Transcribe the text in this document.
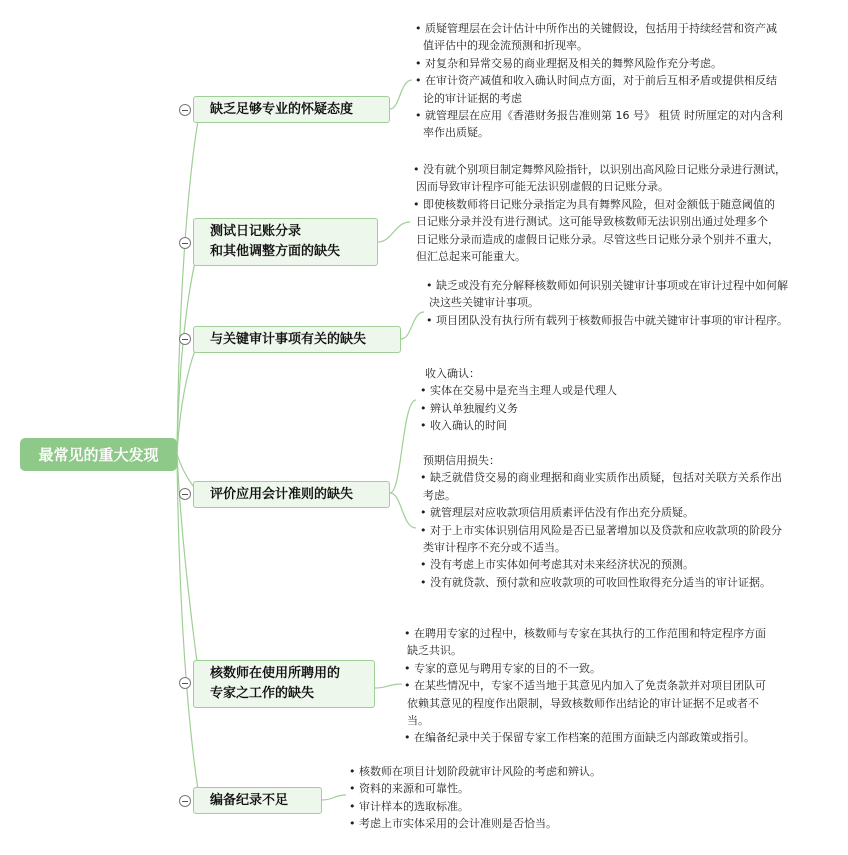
最常见的重大发现
缺乏足够专业的怀疑态度
• 质疑管理层在会计估计中所作出的关键假设，包括用于持续经营和资产减
值评估中的现金流预测和折现率。
• 对复杂和异常交易的商业理据及相关的舞弊风险作充分考虑。
• 在审计资产减值和收入确认时间点方面，对于前后互相矛盾或提供相反结
论的审计证据的考虑
• 就管理层在应用《香港财务报告准则第 16 号》 租赁 时所厘定的对内含利
率作出质疑。
测试日记账分录
和其他调整方面的缺失
• 没有就个别项目制定舞弊风险指针，以识别出高风险日记账分录进行测试，
因而导致审计程序可能无法识别虚假的日记账分录。
• 即使核数师将日记账分录指定为具有舞弊风险，但对金额低于随意阈值的
日记账分录并没有进行测试。这可能导致核数师无法识别出通过处理多个
日记账分录而造成的虚假日记账分录。尽管这些日记账分录个别并不重大，
但汇总起来可能重大。
与关键审计事项有关的缺失
• 缺乏或没有充分解释核数师如何识别关键审计事项或在审计过程中如何解
决这些关键审计事项。
• 项目团队没有执行所有载列于核数师报告中就关键审计事项的审计程序。
评价应用会计准则的缺失
收入确认：
• 实体在交易中是充当主理人或是代理人
• 辨认单独履约义务
• 收入确认的时间

预期信用损失：
• 缺乏就借贷交易的商业理据和商业实质作出质疑，包括对关联方关系作出
考虑。
• 就管理层对应收款项信用质素评估没有作出充分质疑。
• 对于上市实体识别信用风险是否已显著增加以及贷款和应收款项的阶段分
类审计程序不充分或不适当。
• 没有考虑上市实体如何考虑其对未来经济状况的预测。
• 没有就贷款、预付款和应收款项的可收回性取得充分适当的审计证据。
核数师在使用所聘用的
专家之工作的缺失
• 在聘用专家的过程中，核数师与专家在其执行的工作范围和特定程序方面
缺乏共识。
• 专家的意见与聘用专家的目的不一致。
• 在某些情况中，专家不适当地于其意见内加入了免责条款并对项目团队可
依赖其意见的程度作出限制，导致核数师作出结论的审计证据不足或者不
当。
• 在编备纪录中关于保留专家工作档案的范围方面缺乏内部政策或指引。
编备纪录不足
• 核数师在项目计划阶段就审计风险的考虑和辨认。
• 资料的来源和可靠性。
• 审计样本的选取标准。
• 考虑上市实体采用的会计准则是否恰当。
